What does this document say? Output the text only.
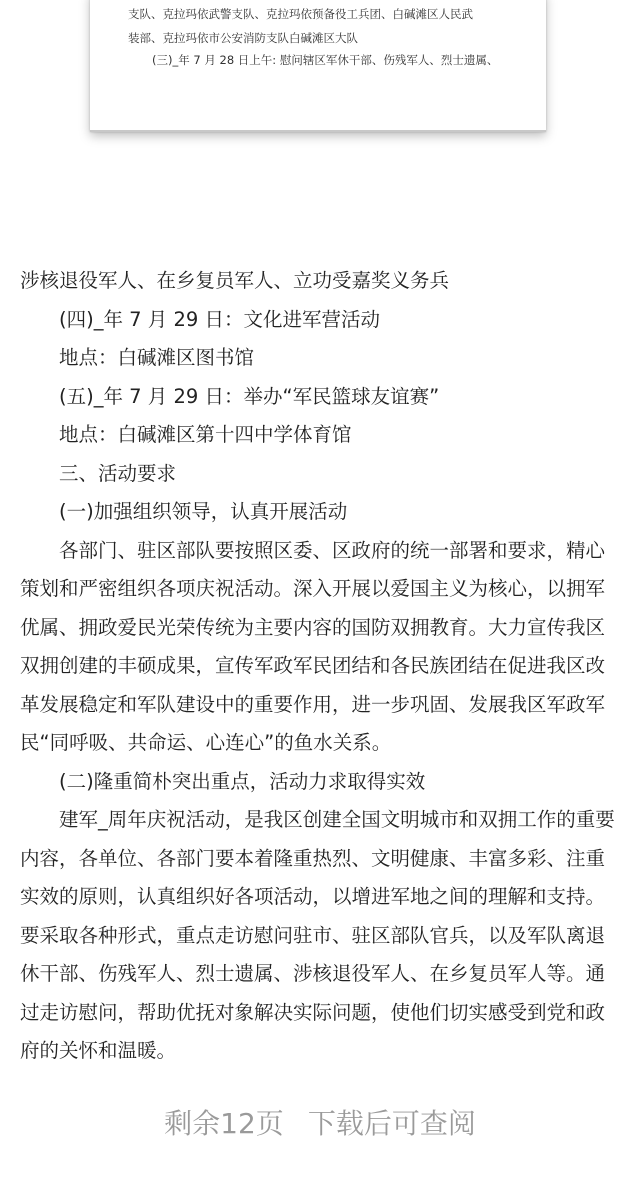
支队、克拉玛依武警支队、克拉玛依预备役工兵团、白碱滩区人民武
装部、克拉玛依市公安消防支队白碱滩区大队
(三)_年 7 月 28 日上午: 慰问辖区军休干部、伤残军人、烈士遗属、

涉核退役军人、在乡复员军人、立功受嘉奖义务兵

(四)_年 7 月 29 日：文化进军营活动

地点：白碱滩区图书馆

(五)_年 7 月 29 日：举办“军民篮球友谊赛”

地点：白碱滩区第十四中学体育馆

三、活动要求

(一)加强组织领导，认真开展活动

各部门、驻区部队要按照区委、区政府的统一部署和要求，精心

策划和严密组织各项庆祝活动。深入开展以爱国主义为核心，以拥军

优属、拥政爱民光荣传统为主要内容的国防双拥教育。大力宣传我区

双拥创建的丰硕成果，宣传军政军民团结和各民族团结在促进我区改

革发展稳定和军队建设中的重要作用，进一步巩固、发展我区军政军

民“同呼吸、共命运、心连心”的鱼水关系。

(二)隆重简朴突出重点，活动力求取得实效

建军_周年庆祝活动，是我区创建全国文明城市和双拥工作的重要

内容，各单位、各部门要本着隆重热烈、文明健康、丰富多彩、注重

实效的原则，认真组织好各项活动，以增进军地之间的理解和支持。

要采取各种形式，重点走访慰问驻市、驻区部队官兵，以及军队离退

休干部、伤残军人、烈士遗属、涉核退役军人、在乡复员军人等。通

过走访慰问，帮助优抚对象解决实际问题，使他们切实感受到党和政

府的关怀和温暖。

剩余12页 下载后可查阅
